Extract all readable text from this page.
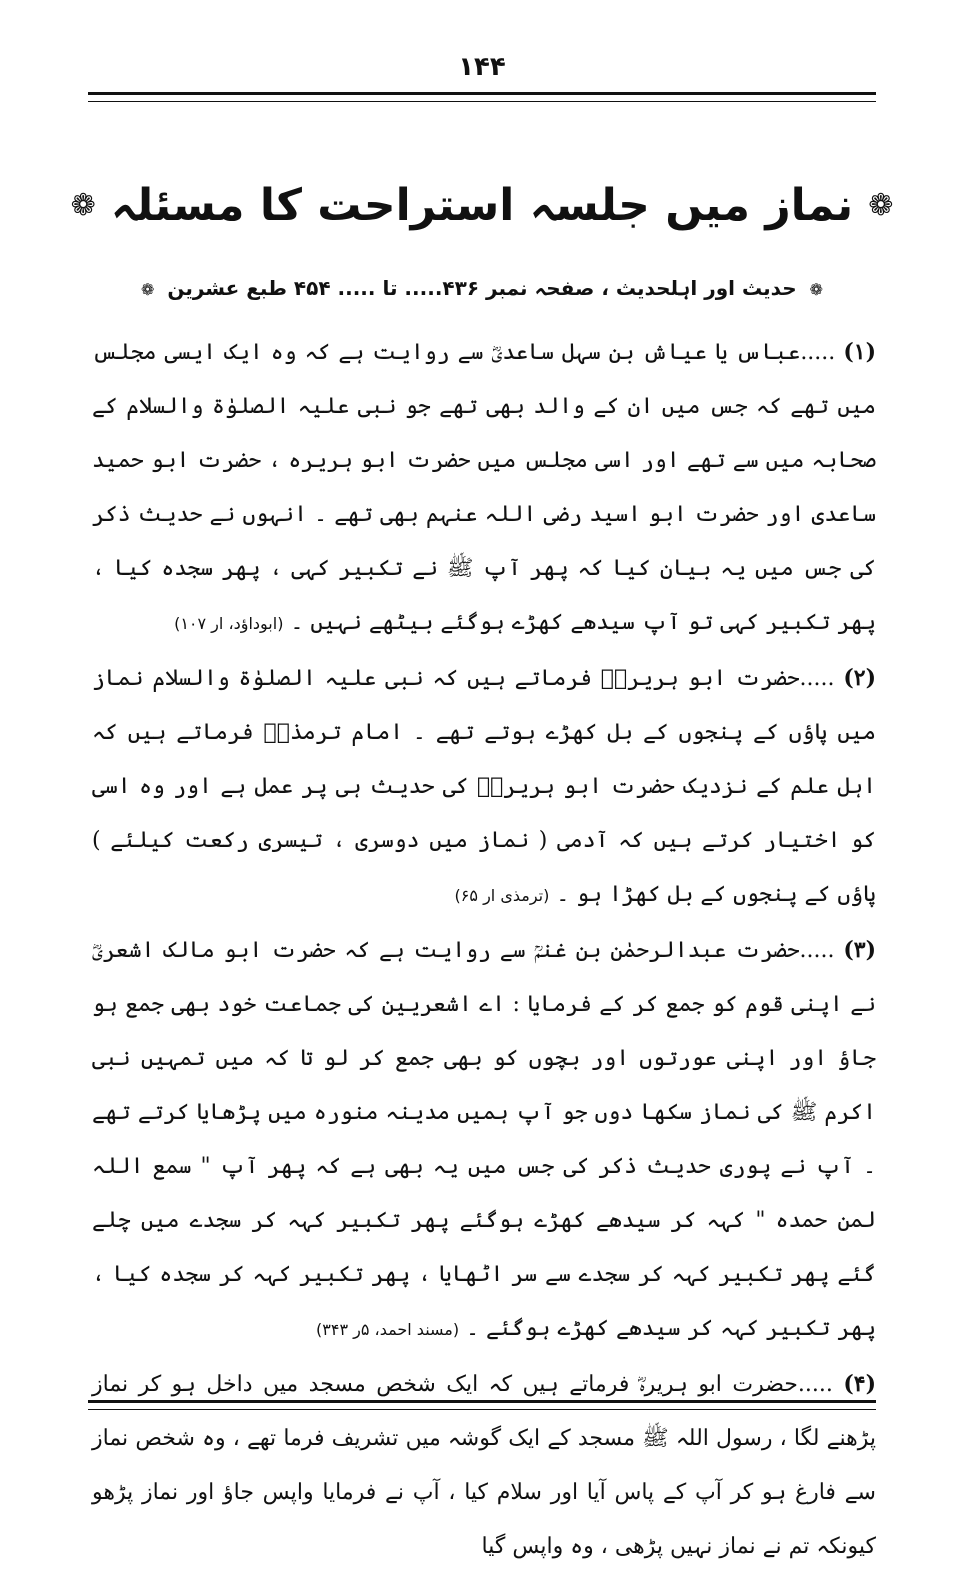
۱۴۴
❁ نماز میں جلسہ استراحت کا مسئلہ ❁
❁ حدیث اور اہلحدیث ، صفحہ نمبر ۴۳۶..... تا ..... ۴۵۴ طبع عشرین ❁

(۱) .....عباس یا عیاش بن سہل ساعدیؓ سے روایت ہے کہ وہ ایک ایسی مجلس میں تھے کہ جس میں ان کے والد بھی تھے جو نبی علیہ الصلوٰۃ والسلام کے صحابہ میں سے تھے اور اسی مجلس میں حضرت ابو ہریرہ ، حضرت ابو حمید ساعدی اور حضرت ابو اسید رضی اللہ عنہم بھی تھے ۔ انہوں نے حدیث ذکر کی جس میں یہ بیان کیا کہ پھر آپ ﷺ نے تکبیر کہی ، پھر سجدہ کیا ، پھر تکبیر کہی تو آپ سیدھے کھڑے ہوگئے بیٹھے نہیں ۔ (ابوداؤد، ار ۱۰۷)

(۲) .....حضرت ابو ہریرہؓ فرماتے ہیں کہ نبی علیہ الصلوٰۃ والسلام نماز میں پاؤں کے پنجوں کے بل کھڑے ہوتے تھے ۔ امام ترمذیؒ فرماتے ہیں کہ اہل علم کے نزدیک حضرت ابو ہریرہؓ کی حدیث ہی پر عمل ہے اور وہ اسی کو اختیار کرتے ہیں کہ آدمی ( نماز میں دوسری ، تیسری رکعت کیلئے ) پاؤں کے پنجوں کے بل کھڑا ہو ۔ (ترمذی ار ۶۵)

(۳) .....حضرت عبدالرحمٰن بن غنمؒ سے روایت ہے کہ حضرت ابو مالک اشعریؓ نے اپنی قوم کو جمع کر کے فرمایا : اے اشعریین کی جماعت خود بھی جمع ہو جاؤ اور اپنی عورتوں اور بچوں کو بھی جمع کر لو تا کہ میں تمہیں نبی اکرم ﷺ کی نماز سکھا دوں جو آپ ہمیں مدینہ منورہ میں پڑھایا کرتے تھے ۔ آپ نے پوری حدیث ذکر کی جس میں یہ بھی ہے کہ پھر آپ " سمع اللہ لمن حمدہ " کہہ کر سیدھے کھڑے ہوگئے پھر تکبیر کہہ کر سجدے میں چلے گئے پھر تکبیر کہہ کر سجدے سے سر اٹھایا ، پھر تکبیر کہہ کر سجدہ کیا ، پھر تکبیر کہہ کر سیدھے کھڑے ہوگئے ۔ (مسند احمد، ۵ر ۳۴۳)

(۴) .....حضرت ابو ہریرہؓ فرماتے ہیں کہ ایک شخص مسجد میں داخل ہو کر نماز پڑھنے لگا ، رسول اللہ ﷺ مسجد کے ایک گوشہ میں تشریف فرما تھے ، وہ شخص نماز سے فارغ ہو کر آپ کے پاس آیا اور سلام کیا ، آپ نے فرمایا واپس جاؤ اور نماز پڑھو کیونکہ تم نے نماز نہیں پڑھی ، وہ واپس گیا
